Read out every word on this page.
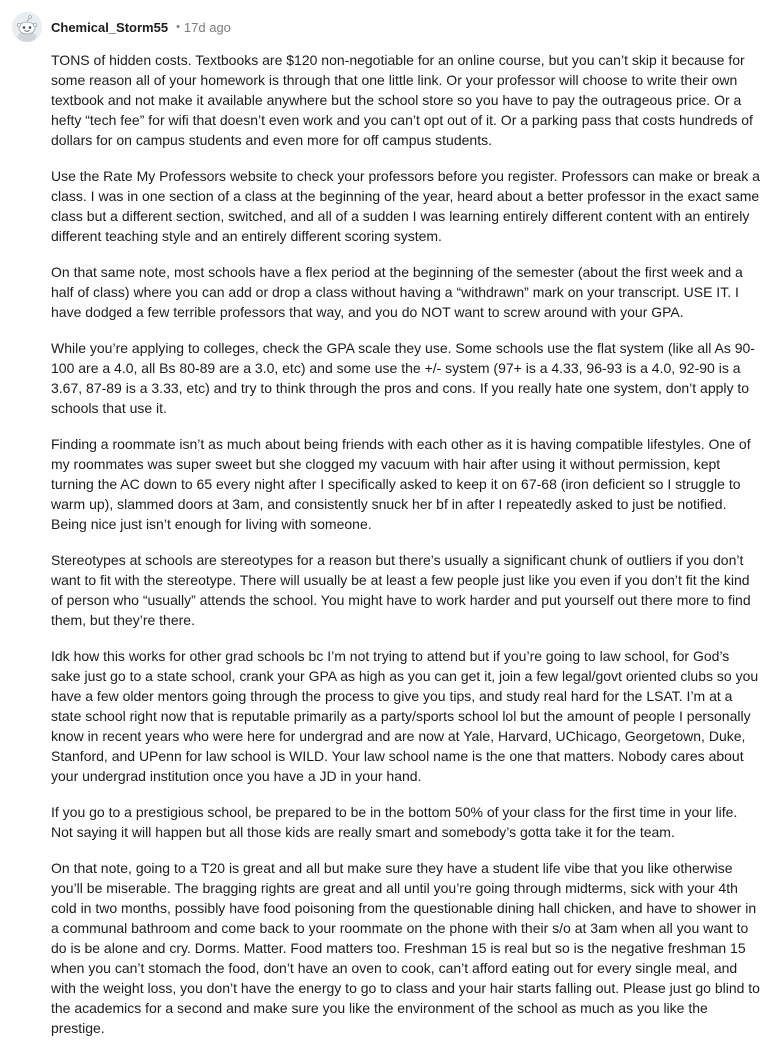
Chemical_Storm55 • 17d ago

TONS of hidden costs. Textbooks are $120 non-negotiable for an online course, but you can’t skip it because for some reason all of your homework is through that one little link. Or your professor will choose to write their own textbook and not make it available anywhere but the school store so you have to pay the outrageous price. Or a hefty “tech fee” for wifi that doesn’t even work and you can’t opt out of it. Or a parking pass that costs hundreds of dollars for on campus students and even more for off campus students.

Use the Rate My Professors website to check your professors before you register. Professors can make or break a class. I was in one section of a class at the beginning of the year, heard about a better professor in the exact same class but a different section, switched, and all of a sudden I was learning entirely different content with an entirely different teaching style and an entirely different scoring system.

On that same note, most schools have a flex period at the beginning of the semester (about the first week and a half of class) where you can add or drop a class without having a “withdrawn” mark on your transcript. USE IT. I have dodged a few terrible professors that way, and you do NOT want to screw around with your GPA.

While you’re applying to colleges, check the GPA scale they use. Some schools use the flat system (like all As 90-100 are a 4.0, all Bs 80-89 are a 3.0, etc) and some use the +/- system (97+ is a 4.33, 96-93 is a 4.0, 92-90 is a 3.67, 87-89 is a 3.33, etc) and try to think through the pros and cons. If you really hate one system, don’t apply to schools that use it.

Finding a roommate isn’t as much about being friends with each other as it is having compatible lifestyles. One of my roommates was super sweet but she clogged my vacuum with hair after using it without permission, kept turning the AC down to 65 every night after I specifically asked to keep it on 67-68 (iron deficient so I struggle to warm up), slammed doors at 3am, and consistently snuck her bf in after I repeatedly asked to just be notified. Being nice just isn’t enough for living with someone.

Stereotypes at schools are stereotypes for a reason but there’s usually a significant chunk of outliers if you don’t want to fit with the stereotype. There will usually be at least a few people just like you even if you don’t fit the kind of person who “usually” attends the school. You might have to work harder and put yourself out there more to find them, but they’re there.

Idk how this works for other grad schools bc I’m not trying to attend but if you’re going to law school, for God’s sake just go to a state school, crank your GPA as high as you can get it, join a few legal/govt oriented clubs so you have a few older mentors going through the process to give you tips, and study real hard for the LSAT. I’m at a state school right now that is reputable primarily as a party/sports school lol but the amount of people I personally know in recent years who were here for undergrad and are now at Yale, Harvard, UChicago, Georgetown, Duke, Stanford, and UPenn for law school is WILD. Your law school name is the one that matters. Nobody cares about your undergrad institution once you have a JD in your hand.

If you go to a prestigious school, be prepared to be in the bottom 50% of your class for the first time in your life. Not saying it will happen but all those kids are really smart and somebody’s gotta take it for the team.

On that note, going to a T20 is great and all but make sure they have a student life vibe that you like otherwise you’ll be miserable. The bragging rights are great and all until you’re going through midterms, sick with your 4th cold in two months, possibly have food poisoning from the questionable dining hall chicken, and have to shower in a communal bathroom and come back to your roommate on the phone with their s/o at 3am when all you want to do is be alone and cry. Dorms. Matter. Food matters too. Freshman 15 is real but so is the negative freshman 15 when you can’t stomach the food, don’t have an oven to cook, can’t afford eating out for every single meal, and with the weight loss, you don’t have the energy to go to class and your hair starts falling out. Please just go blind to the academics for a second and make sure you like the environment of the school as much as you like the prestige.
